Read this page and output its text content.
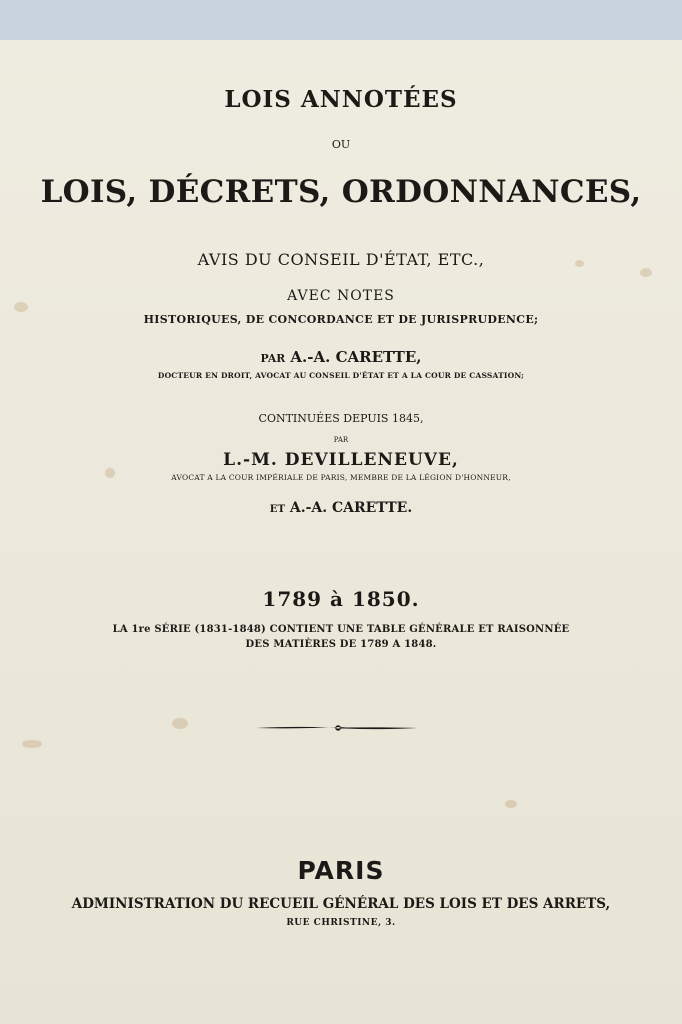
LOIS ANNOTÉES
OU
LOIS, DÉCRETS, ORDONNANCES,
AVIS DU CONSEIL D'ÉTAT, ETC.,
AVEC NOTES
HISTORIQUES, DE CONCORDANCE ET DE JURISPRUDENCE;
PAR A.-A. CARETTE,
DOCTEUR EN DROIT, AVOCAT AU CONSEIL D'ÉTAT ET A LA COUR DE CASSATION;
CONTINUÉES DEPUIS 1845,
PAR
L.-M. DEVILLENEUVE,
AVOCAT A LA COUR IMPÉRIALE DE PARIS, MEMBRE DE LA LÉGION D'HONNEUR,
ET A.-A. CARETTE.
1789 à 1850.
LA 1re SÉRIE (1831-1848) CONTIENT UNE TABLE GÉNÉRALE ET RAISONNÉE
DES MATIÈRES DE 1789 A 1848.
PARIS
ADMINISTRATION DU RECUEIL GÉNÉRAL DES LOIS ET DES ARRETS,
RUE CHRISTINE, 3.
